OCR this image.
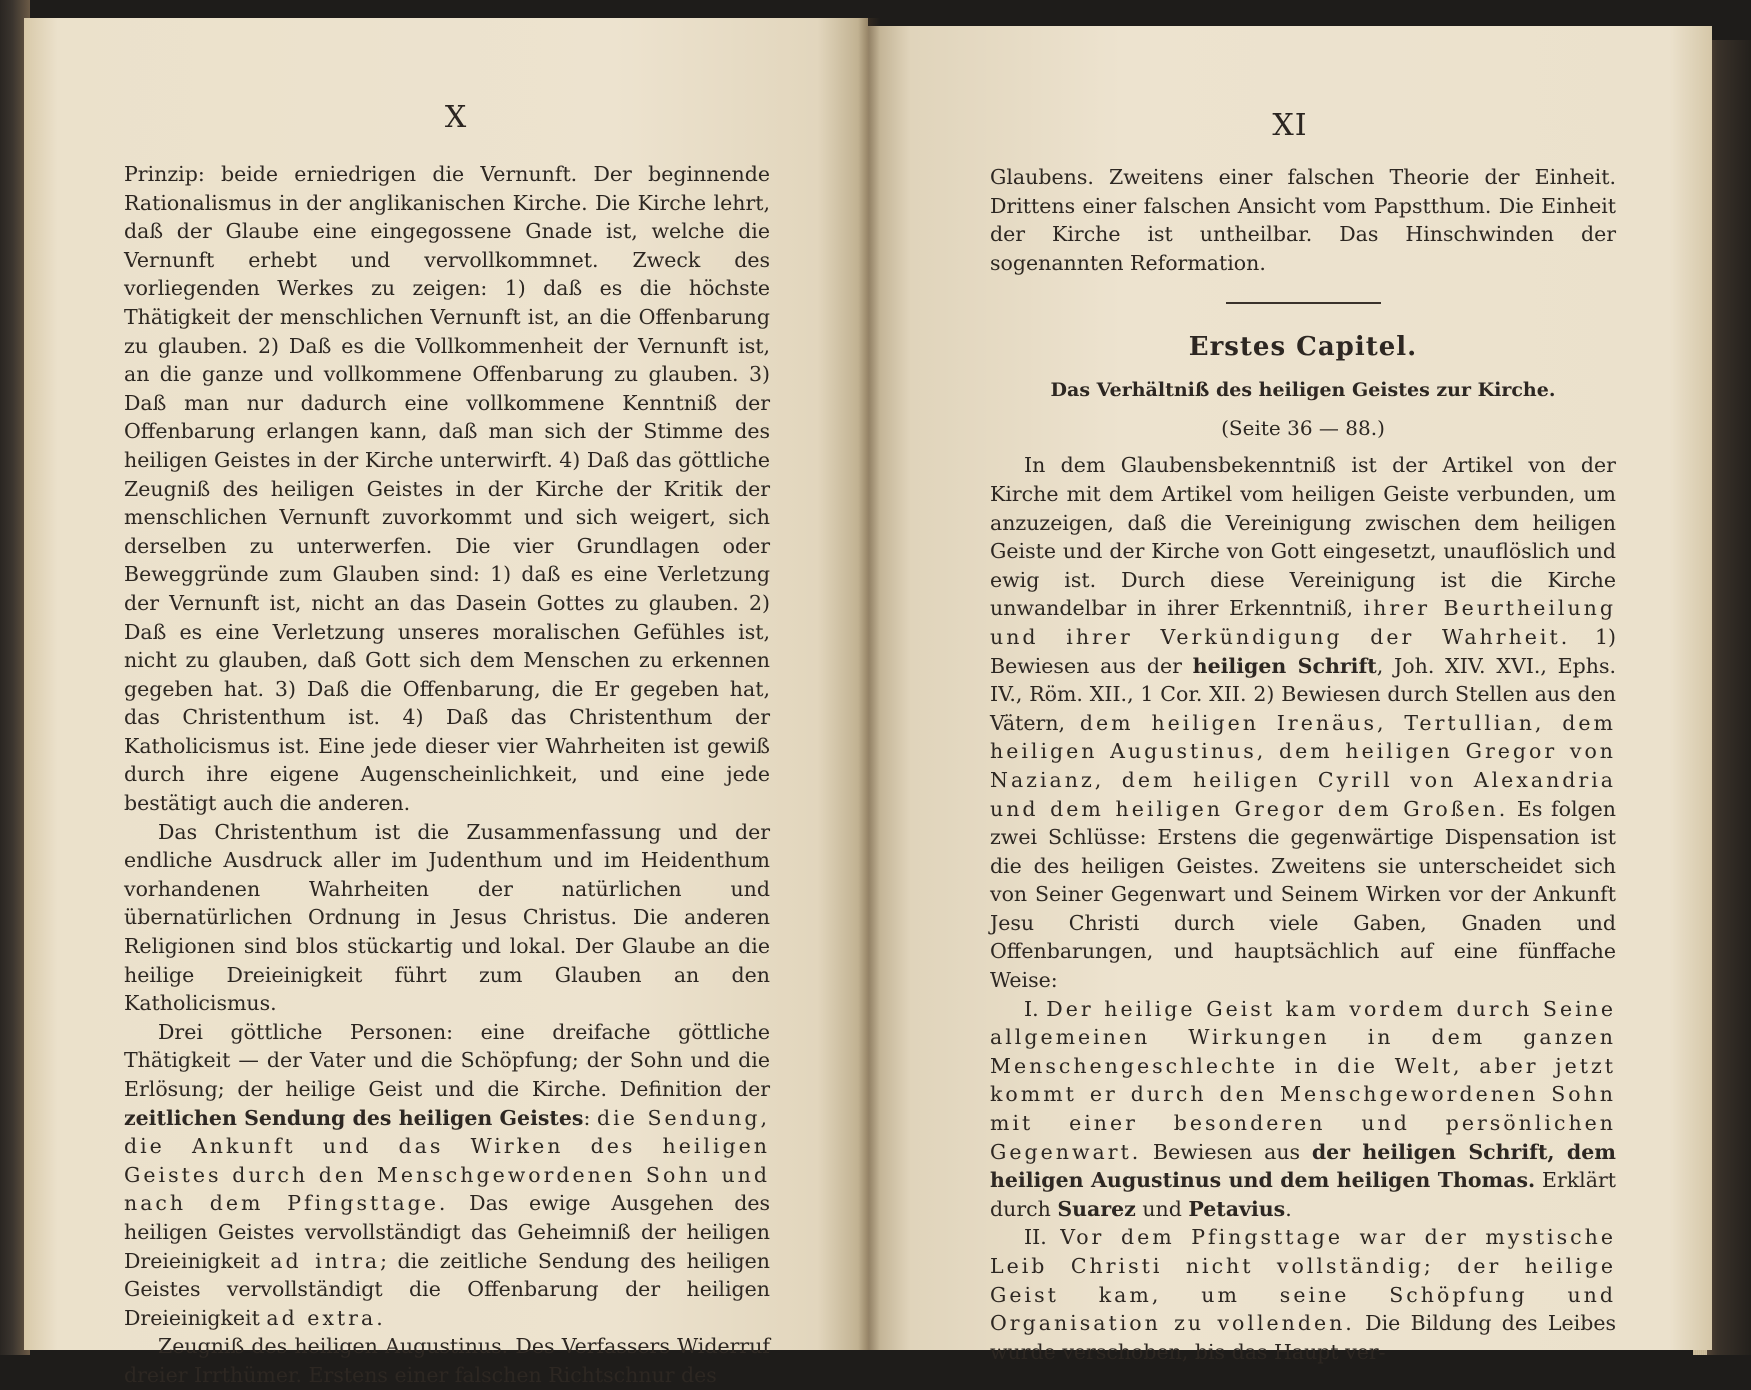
X

Prinzip: beide erniedrigen die Vernunft. Der beginnende Rationalismus in der anglikanischen Kirche. Die Kirche lehrt, daß der Glaube eine eingegossene Gnade ist, welche die Vernunft erhebt und vervollkommnet. Zweck des vorliegenden Werkes zu zeigen: 1) daß es die höchste Thätigkeit der menschlichen Vernunft ist, an die Offenbarung zu glauben. 2) Daß es die Vollkommenheit der Vernunft ist, an die ganze und vollkommene Offenbarung zu glauben. 3) Daß man nur dadurch eine vollkommene Kenntniß der Offenbarung erlangen kann, daß man sich der Stimme des heiligen Geistes in der Kirche unterwirft. 4) Daß das göttliche Zeugniß des heiligen Geistes in der Kirche der Kritik der menschlichen Vernunft zuvorkommt und sich weigert, sich derselben zu unterwerfen. Die vier Grundlagen oder Beweggründe zum Glauben sind: 1) daß es eine Verletzung der Vernunft ist, nicht an das Dasein Gottes zu glauben. 2) Daß es eine Verletzung unseres moralischen Gefühles ist, nicht zu glauben, daß Gott sich dem Menschen zu erkennen gegeben hat. 3) Daß die Offenbarung, die Er gegeben hat, das Christenthum ist. 4) Daß das Christenthum der Katholicismus ist. Eine jede dieser vier Wahrheiten ist gewiß durch ihre eigene Augenscheinlichkeit, und eine jede bestätigt auch die anderen.

Das Christenthum ist die Zusammenfassung und der endliche Ausdruck aller im Judenthum und im Heidenthum vorhandenen Wahrheiten der natürlichen und übernatürlichen Ordnung in Jesus Christus. Die anderen Religionen sind blos stückartig und lokal. Der Glaube an die heilige Dreieinigkeit führt zum Glauben an den Katholicismus.

Drei göttliche Personen: eine dreifache göttliche Thätigkeit — der Vater und die Schöpfung; der Sohn und die Erlösung; der heilige Geist und die Kirche. Definition der zeitlichen Sendung des heiligen Geistes: die Sendung, die Ankunft und das Wirken des heiligen Geistes durch den Menschgewordenen Sohn und nach dem Pfingsttage. Das ewige Ausgehen des heiligen Geistes vervollständigt das Geheimniß der heiligen Dreieinigkeit ad intra; die zeitliche Sendung des heiligen Geistes vervollständigt die Offenbarung der heiligen Dreieinigkeit ad extra.

Zeugniß des heiligen Augustinus. Des Verfassers Widerruf dreier Irrthümer. Erstens einer falschen Richtschnur des

XI

Glaubens. Zweitens einer falschen Theorie der Einheit. Drittens einer falschen Ansicht vom Papstthum. Die Einheit der Kirche ist untheilbar. Das Hinschwinden der sogenannten Reformation.

Erstes Capitel.
Das Verhältniß des heiligen Geistes zur Kirche.
(Seite 36 — 88.)

In dem Glaubensbekenntniß ist der Artikel von der Kirche mit dem Artikel vom heiligen Geiste verbunden, um anzuzeigen, daß die Vereinigung zwischen dem heiligen Geiste und der Kirche von Gott eingesetzt, unauflöslich und ewig ist. Durch diese Vereinigung ist die Kirche unwandelbar in ihrer Erkenntniß, ihrer Beurtheilung und ihrer Verkündigung der Wahrheit. 1) Bewiesen aus der heiligen Schrift, Joh. XIV. XVI., Ephs. IV., Röm. XII., 1 Cor. XII. 2) Bewiesen durch Stellen aus den Vätern, dem heiligen Irenäus, Tertullian, dem heiligen Augustinus, dem heiligen Gregor von Nazianz, dem heiligen Cyrill von Alexandria und dem heiligen Gregor dem Großen. Es folgen zwei Schlüsse: Erstens die gegenwärtige Dispensation ist die des heiligen Geistes. Zweitens sie unterscheidet sich von Seiner Gegenwart und Seinem Wirken vor der Ankunft Jesu Christi durch viele Gaben, Gnaden und Offenbarungen, und hauptsächlich auf eine fünffache Weise:

I. Der heilige Geist kam vordem durch Seine allgemeinen Wirkungen in dem ganzen Menschengeschlechte in die Welt, aber jetzt kommt er durch den Menschgewordenen Sohn mit einer besonderen und persönlichen Gegenwart. Bewiesen aus der heiligen Schrift, dem heiligen Augustinus und dem heiligen Thomas. Erklärt durch Suarez und Petavius.

II. Vor dem Pfingsttage war der mystische Leib Christi nicht vollständig; der heilige Geist kam, um seine Schöpfung und Organisation zu vollenden. Die Bildung des Leibes wurde verschoben, bis das Haupt ver-
